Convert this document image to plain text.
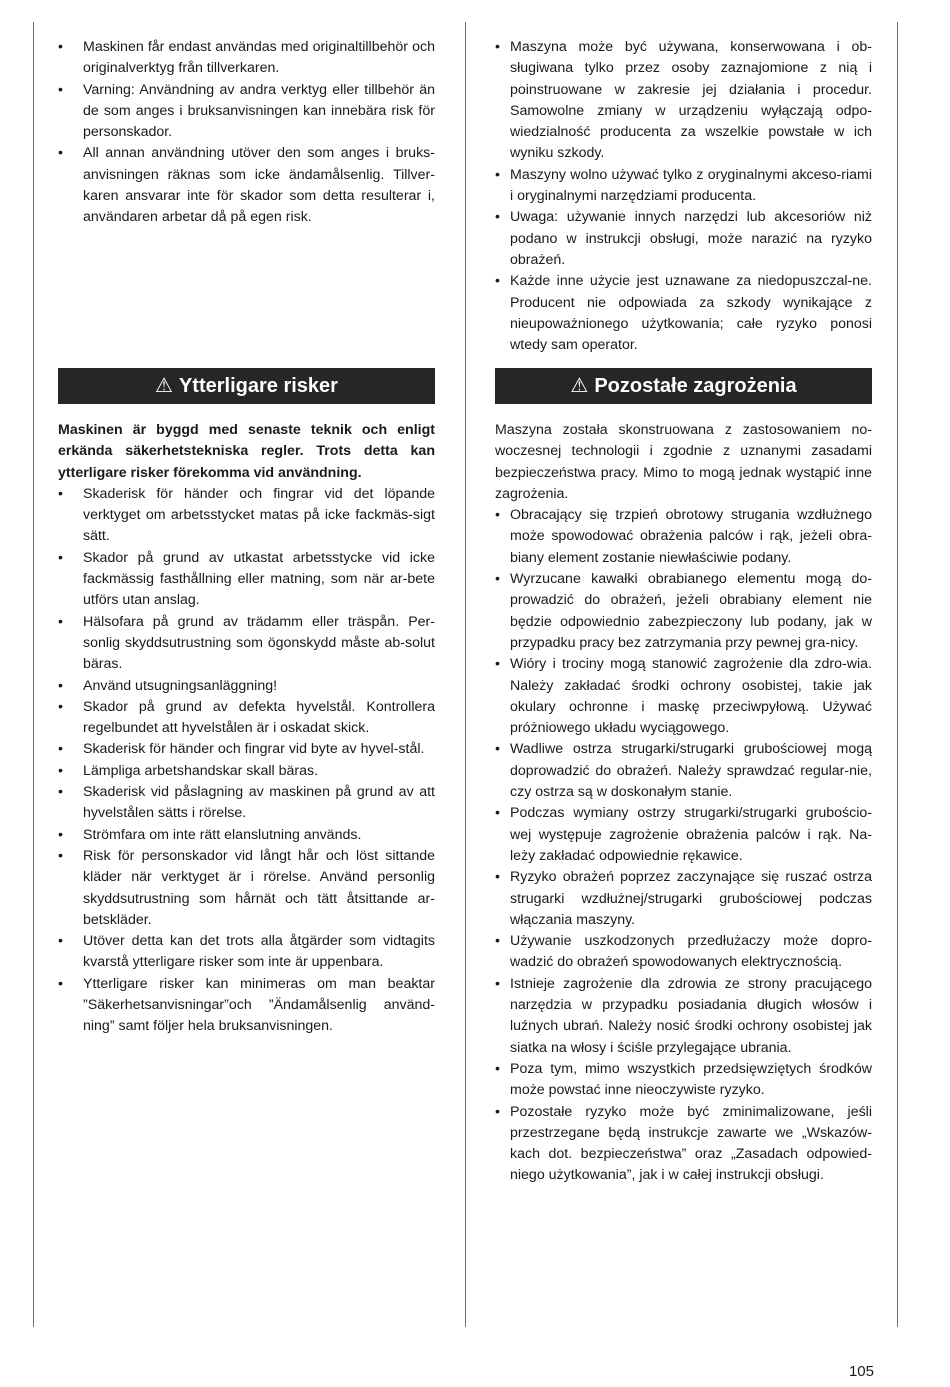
• Maskinen får endast användas med originaltillbehör och originalverktyg från tillverkaren.
• Varning: Användning av andra verktyg eller tillbehör än de som anges i bruksanvisningen kan innebära risk för personskador.
• All annan användning utöver den som anges i bruks-anvisningen räknas som icke ändamålsenlig. Tillver-karen ansvarar inte för skador som detta resulterar i, användaren arbetar då på egen risk.
⚠ Ytterligare risker

Maskinen är byggd med senaste teknik och enligt erkända säkerhetstekniska regler. Trots detta kan ytterligare risker förekomma vid användning.

• Skaderisk för händer och fingrar vid det löpande verktyget om arbetsstycket matas på icke fackmäs-sigt sätt.
• Skador på grund av utkastat arbetsstycke vid icke fackmässig fasthållning eller matning, som när ar-bete utförs utan anslag.
• Hälsofara på grund av trädamm eller träspån. Per-sonlig skyddsutrustning som ögonskydd måste ab-solut bäras.
• Använd utsugningsanläggning!
• Skador på grund av defekta hyvelstål. Kontrollera regelbundet att hyvelstålen är i oskadat skick.
• Skaderisk för händer och fingrar vid byte av hyvel-stål.
• Lämpliga arbetshandskar skall bäras.
• Skaderisk vid påslagning av maskinen på grund av att hyvelstålen sätts i rörelse.
• Strömfara om inte rätt elanslutning används.
• Risk för personskador vid långt hår och löst sittande kläder när verktyget är i rörelse. Använd personlig skyddsutrustning som hårnät och tätt åtsittande ar-betskläder.
• Utöver detta kan det trots alla åtgärder som vidtagits kvarstå ytterligare risker som inte är uppenbara.
• Ytterligare risker kan minimeras om man beaktar ”Säkerhetsanvisningar”och ”Ändamålsenlig använd-ning” samt följer hela bruksanvisningen.
• Maszyna może być używana, konserwowana i ob-sługiwana tylko przez osoby zaznajomione z nią i poinstruowane w zakresie jej działania i procedur. Samowolne zmiany w urządzeniu wyłączają odpo-wiedzialność producenta za wszelkie powstałe w ich wyniku szkody.
• Maszyny wolno używać tylko z oryginalnymi akceso-riami i oryginalnymi narzędziami producenta.
• Uwaga: używanie innych narzędzi lub akcesoriów niż podano w instrukcji obsługi, może narazić na ryzyko obrażeń.
• Każde inne użycie jest uznawane za niedopuszczal-ne. Producent nie odpowiada za szkody wynikające z nieupoważnionego użytkowania; całe ryzyko ponosi wtedy sam operator.
⚠ Pozostałe zagrożenia

Maszyna została skonstruowana z zastosowaniem no-woczesnej technologii i zgodnie z uznanymi zasadami bezpieczeństwa pracy. Mimo to mogą jednak wystąpić inne zagrożenia.

• Obracający się trzpień obrotowy strugania wzdłużnego może spowodować obrażenia palców i rąk, jeżeli obra-biany element zostanie niewłaściwie podany.
• Wyrzucane kawałki obrabianego elementu mogą do-prowadzić do obrażeń, jeżeli obrabiany element nie będzie odpowiednio zabezpieczony lub podany, jak w przypadku pracy bez zatrzymania przy pewnej gra-nicy.
• Wióry i trociny mogą stanowić zagrożenie dla zdro-wia. Należy zakładać środki ochrony osobistej, takie jak okulary ochronne i maskę przeciwpyłową. Używać próżniowego układu wyciągowego.
• Wadliwe ostrza strugarki/strugarki grubościowej mogą doprowadzić do obrażeń. Należy sprawdzać regular-nie, czy ostrza są w doskonałym stanie.
• Podczas wymiany ostrzy strugarki/strugarki grubościo-wej występuje zagrożenie obrażenia palców i rąk. Na-leży zakładać odpowiednie rękawice.
• Ryzyko obrażeń poprzez zaczynające się ruszać ostrza strugarki wzdłużnej/strugarki grubościowej podczas włączania maszyny.
• Używanie uszkodzonych przedłużaczy może dopro-wadzić do obrażeń spowodowanych elektrycznością.
• Istnieje zagrożenie dla zdrowia ze strony pracującego narzędzia w przypadku posiadania długich włosów i luźnych ubrań. Należy nosić środki ochrony osobistej jak siatka na włosy i ściśle przylegające ubrania.
• Poza tym, mimo wszystkich przedsięwziętych środków może powstać inne nieoczywiste ryzyko.
• Pozostałe ryzyko może być zminimalizowane, jeśli przestrzegane będą instrukcje zawarte we „Wskazów-kach dot. bezpieczeństwa” oraz „Zasadach odpowied-niego użytkowania”, jak i w całej instrukcji obsługi.
105
